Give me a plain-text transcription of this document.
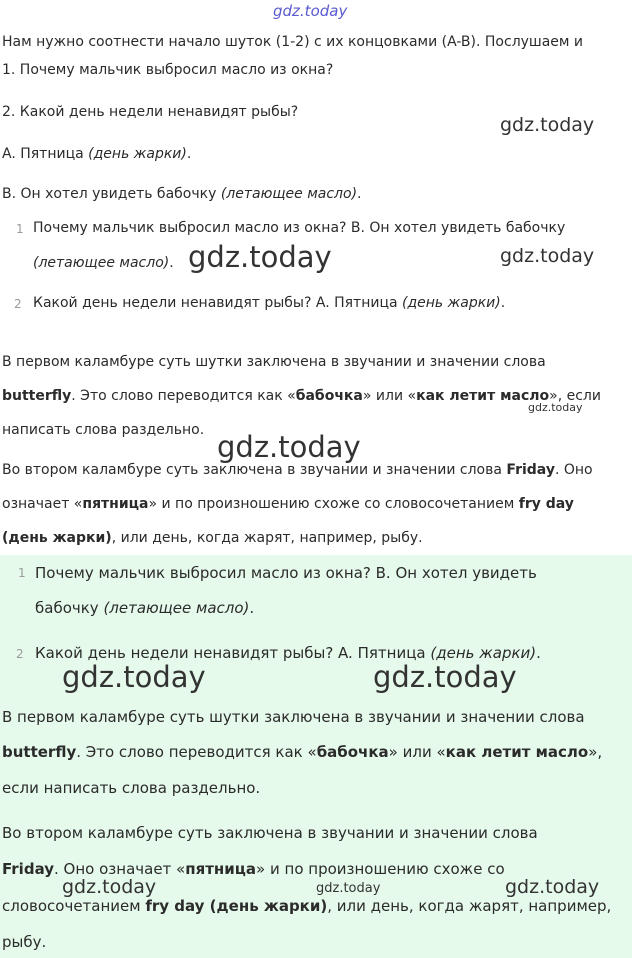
gdz.today
Нам нужно соотнести начало шуток (1-2) с их концовками (A-B). Послушаем и
1. Почему мальчик выбросил масло из окна?
2. Какой день недели ненавидят рыбы?
gdz.today
A. Пятница (день жарки).
B. Он хотел увидеть бабочку (летающее масло).
1 Почему мальчик выбросил масло из окна? B. Он хотел увидеть бабочку
(летающее масло). gdz.today	gdz.today
2 Какой день недели ненавидят рыбы? A. Пятница (день жарки).
В первом каламбуре суть шутки заключена в звучании и значении слова
butterfly. Это слово переводится как «бабочка» или «как летит масло», если
gdz.today
написать слова раздельно. gdz.today
Во втором каламбуре суть заключена в звучании и значении слова Friday. Оно
означает «пятница» и по произношению схоже со словосочетанием fry day
(день жарки), или день, когда жарят, например, рыбу.
1 Почему мальчик выбросил масло из окна? B. Он хотел увидеть
бабочку (летающее масло).
2 Какой день недели ненавидят рыбы? A. Пятница (день жарки).
gdz.today	gdz.today
В первом каламбуре суть шутки заключена в звучании и значении слова
butterfly. Это слово переводится как «бабочка» или «как летит масло»,
если написать слова раздельно.
Во втором каламбуре суть заключена в звучании и значении слова
Friday. Оно означает «пятница» и по произношению схоже со
gdz.today	gdz.today	gdz.today
словосочетанием fry day (день жарки), или день, когда жарят, например,
рыбу.
